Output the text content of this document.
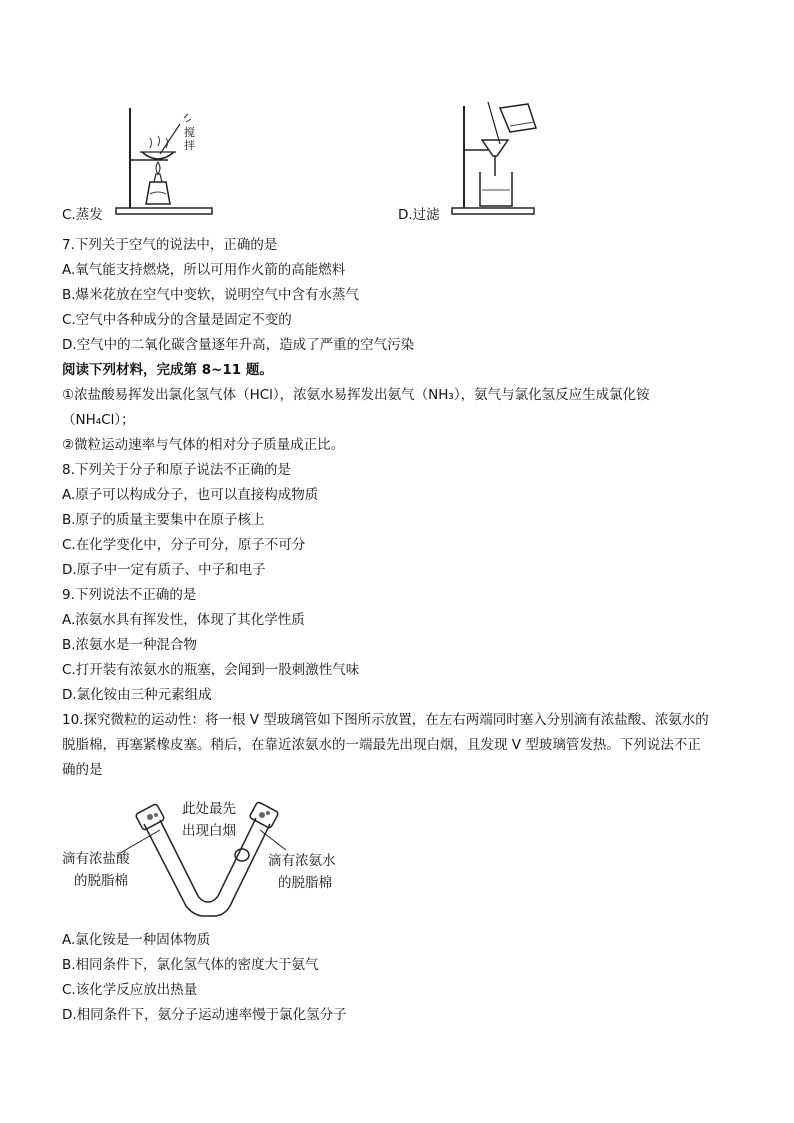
搅拌
C.蒸发	D.过滤
7.下列关于空气的说法中，正确的是
A.氧气能支持燃烧，所以可用作火箭的高能燃料
B.爆米花放在空气中变软，说明空气中含有水蒸气
C.空气中各种成分的含量是固定不变的
D.空气中的二氧化碳含量逐年升高，造成了严重的空气污染
阅读下列材料，完成第 8~11 题。
①浓盐酸易挥发出氯化氢气体（HCl），浓氨水易挥发出氨气（NH₃），氨气与氯化氢反应生成氯化铵
（NH₄Cl）；
②微粒运动速率与气体的相对分子质量成正比。
8.下列关于分子和原子说法不正确的是
A.原子可以构成分子，也可以直接构成物质
B.原子的质量主要集中在原子核上
C.在化学变化中，分子可分，原子不可分
D.原子中一定有质子、中子和电子
9.下列说法不正确的是
A.浓氨水具有挥发性，体现了其化学性质
B.浓氨水是一种混合物
C.打开装有浓氨水的瓶塞，会闻到一股刺激性气味
D.氯化铵由三种元素组成
10.探究微粒的运动性：将一根 V 型玻璃管如下图所示放置，在左右两端同时塞入分别滴有浓盐酸、浓氨水的
脱脂棉，再塞紧橡皮塞。稍后，在靠近浓氨水的一端最先出现白烟，且发现 V 型玻璃管发热。下列说法不正
确的是
此处最先
出现白烟
滴有浓盐酸
的脱脂棉
滴有浓氨水
的脱脂棉
A.氯化铵是一种固体物质
B.相同条件下，氯化氢气体的密度大于氨气
C.该化学反应放出热量
D.相同条件下，氨分子运动速率慢于氯化氢分子
